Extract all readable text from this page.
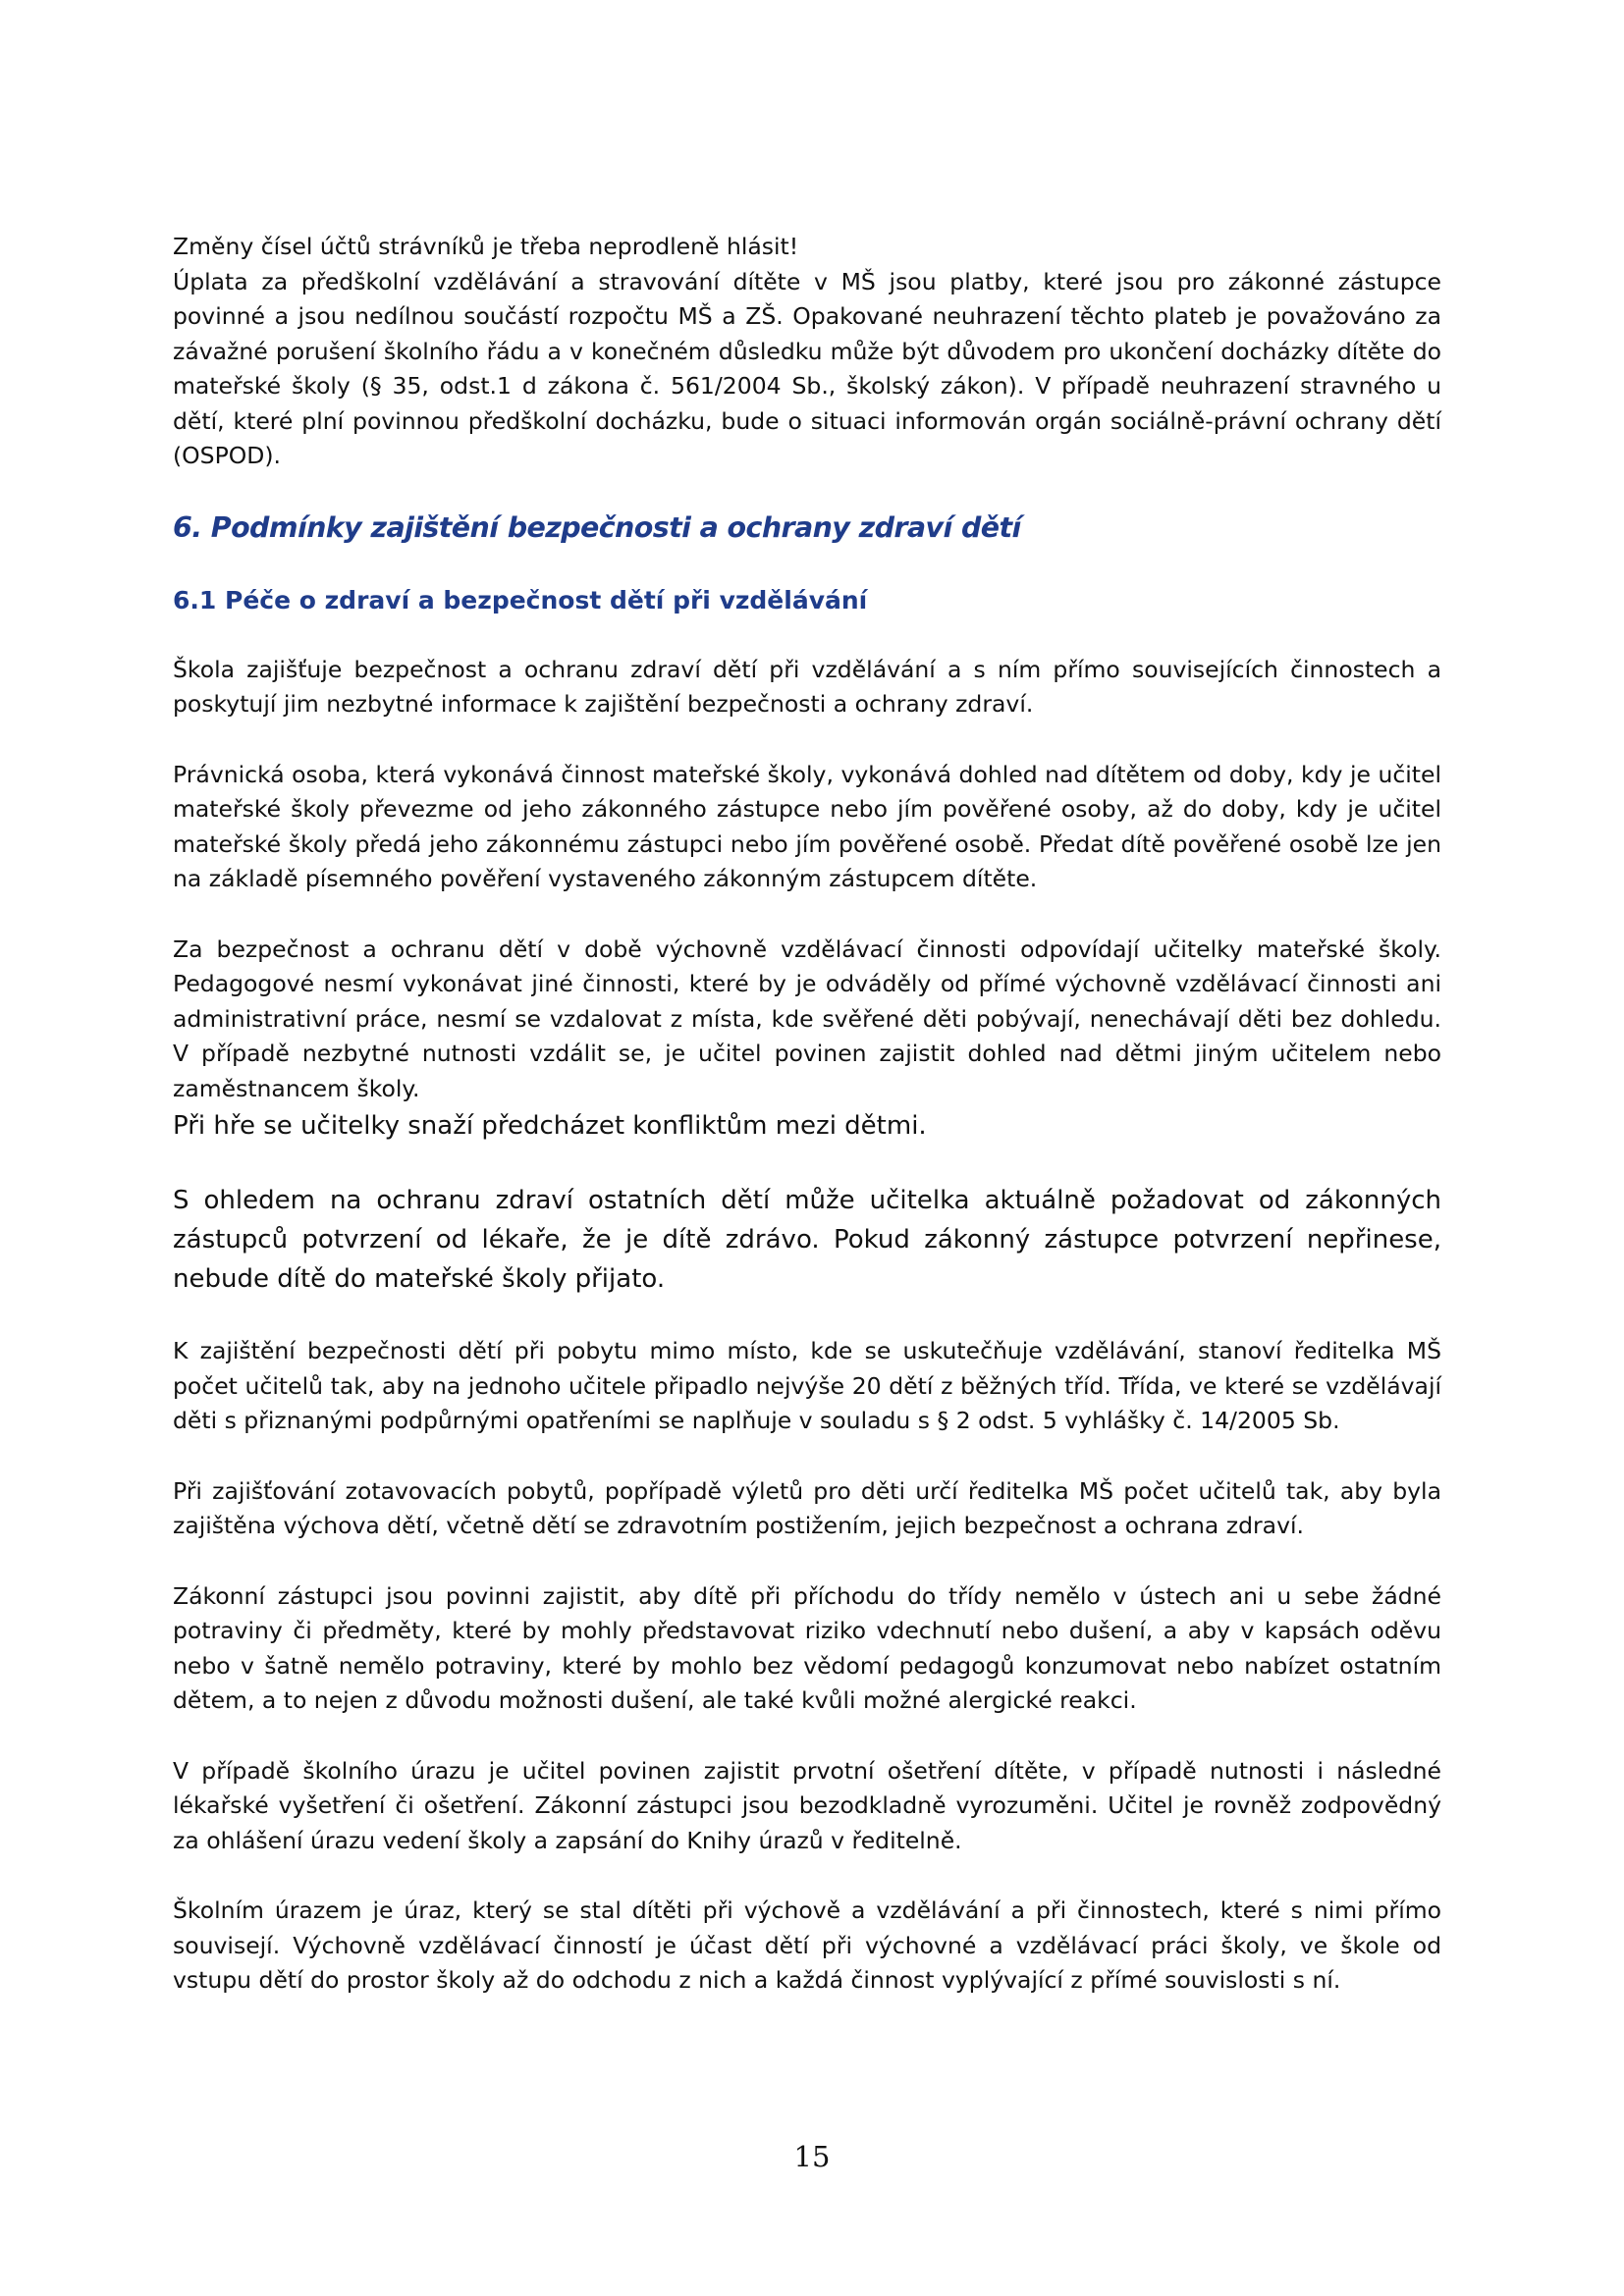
Změny čísel účtů strávníků je třeba neprodleně hlásit!

Úplata za předškolní vzdělávání a stravování dítěte v MŠ jsou platby, které jsou pro zákonné zástupce povinné a jsou nedílnou součástí rozpočtu MŠ a ZŠ. Opakované neuhrazení těchto plateb je považováno za závažné porušení školního řádu a v konečném důsledku může být důvodem pro ukončení docházky dítěte do mateřské školy (§ 35, odst.1 d zákona č. 561/2004 Sb., školský zákon). V případě neuhrazení stravného u dětí, které plní povinnou předškolní docházku, bude o situaci informován orgán sociálně-právní ochrany dětí (OSPOD).

6. Podmínky zajištění bezpečnosti a ochrany zdraví dětí
6.1 Péče o zdraví a bezpečnost dětí při vzdělávání

Škola zajišťuje bezpečnost a ochranu zdraví dětí při vzdělávání a s ním přímo souvisejících činnostech a poskytují jim nezbytné informace k zajištění bezpečnosti a ochrany zdraví.

Právnická osoba, která vykonává činnost mateřské školy, vykonává dohled nad dítětem od doby, kdy je učitel mateřské školy převezme od jeho zákonného zástupce nebo jím pověřené osoby, až do doby, kdy je učitel mateřské školy předá jeho zákonnému zástupci nebo jím pověřené osobě. Předat dítě pověřené osobě lze jen na základě písemného pověření vystaveného zákonným zástupcem dítěte.

Za bezpečnost a ochranu dětí v době výchovně vzdělávací činnosti odpovídají učitelky mateřské školy. Pedagogové nesmí vykonávat jiné činnosti, které by je odváděly od přímé výchovně vzdělávací činnosti ani administrativní práce, nesmí se vzdalovat z místa, kde svěřené děti pobývají, nenechávají děti bez dohledu. V případě nezbytné nutnosti vzdálit se, je učitel povinen zajistit dohled nad dětmi jiným učitelem nebo zaměstnancem školy.

Při hře se učitelky snaží předcházet konfliktům mezi dětmi.

S ohledem na ochranu zdraví ostatních dětí může učitelka aktuálně požadovat od zákonných zástupců potvrzení od lékaře, že je dítě zdrávo. Pokud zákonný zástupce potvrzení nepřinese, nebude dítě do mateřské školy přijato.

K zajištění bezpečnosti dětí při pobytu mimo místo, kde se uskutečňuje vzdělávání, stanoví ředitelka MŠ počet učitelů tak, aby na jednoho učitele připadlo nejvýše 20 dětí z běžných tříd. Třída, ve které se vzdělávají děti s přiznanými podpůrnými opatřeními se naplňuje v souladu s § 2 odst. 5 vyhlášky č. 14/2005 Sb.

Při zajišťování zotavovacích pobytů, popřípadě výletů pro děti určí ředitelka MŠ počet učitelů tak, aby byla zajištěna výchova dětí, včetně dětí se zdravotním postižením, jejich bezpečnost a ochrana zdraví.

Zákonní zástupci jsou povinni zajistit, aby dítě při příchodu do třídy nemělo v ústech ani u sebe žádné potraviny či předměty, které by mohly představovat riziko vdechnutí nebo dušení, a aby v kapsách oděvu nebo v šatně nemělo potraviny, které by mohlo bez vědomí pedagogů konzumovat nebo nabízet ostatním dětem, a to nejen z důvodu možnosti dušení, ale také kvůli možné alergické reakci.

V případě školního úrazu je učitel povinen zajistit prvotní ošetření dítěte, v případě nutnosti i následné lékařské vyšetření či ošetření. Zákonní zástupci jsou bezodkladně vyrozuměni. Učitel je rovněž zodpovědný za ohlášení úrazu vedení školy a zapsání do Knihy úrazů v ředitelně.

Školním úrazem je úraz, který se stal dítěti při výchově a vzdělávání a při činnostech, které s nimi přímo souvisejí. Výchovně vzdělávací činností je účast dětí při výchovné a vzdělávací práci školy, ve škole od vstupu dětí do prostor školy až do odchodu z nich a každá činnost vyplývající z přímé souvislosti s ní.

15
